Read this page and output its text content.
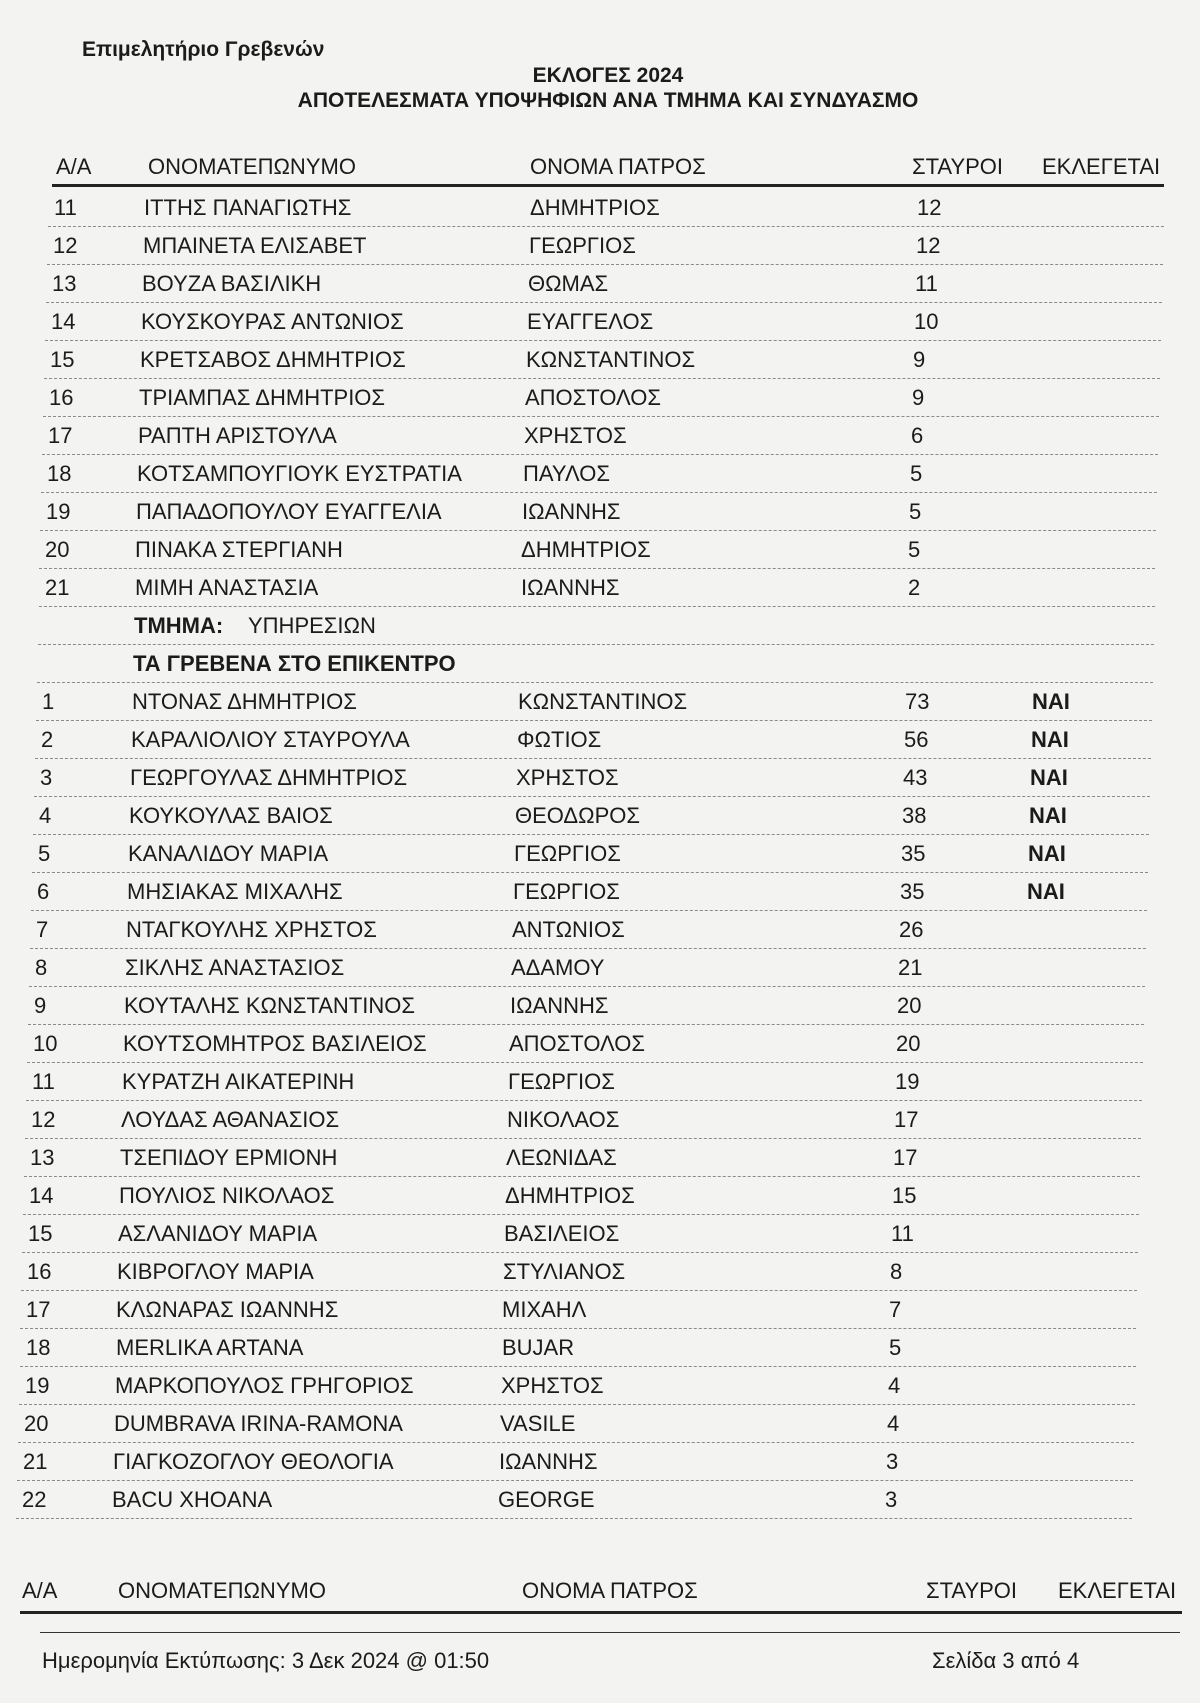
Επιμελητήριο Γρεβενών
ΕΚΛΟΓΕΣ 2024
ΑΠΟΤΕΛΕΣΜΑΤΑ ΥΠΟΨΗΦΙΩΝ ΑΝΑ ΤΜΗΜΑ ΚΑΙ ΣΥΝΔΥΑΣΜΟ
Α/Α	ΟΝΟΜΑΤΕΠΩΝΥΜΟ	ΟΝΟΜΑ ΠΑΤΡΟΣ	ΣΤΑΥΡΟΙ ΕΚΛΕΓΕΤΑΙ
11	ΙΤΤΗΣ ΠΑΝΑΓΙΩΤΗΣ	ΔΗΜΗΤΡΙΟΣ	12
12	ΜΠΑΙΝΕΤΑ ΕΛΙΣΑΒΕΤ	ΓΕΩΡΓΙΟΣ	12
13	ΒΟΥΖΑ ΒΑΣΙΛΙΚΗ	ΘΩΜΑΣ	11
14	ΚΟΥΣΚΟΥΡΑΣ ΑΝΤΩΝΙΟΣ	ΕΥΑΓΓΕΛΟΣ	10
15	ΚΡΕΤΣΑΒΟΣ ΔΗΜΗΤΡΙΟΣ	ΚΩΝΣΤΑΝΤΙΝΟΣ	9
16	ΤΡΙΑΜΠΑΣ ΔΗΜΗΤΡΙΟΣ	ΑΠΟΣΤΟΛΟΣ	9
17	ΡΑΠΤΗ ΑΡΙΣΤΟΥΛΑ	ΧΡΗΣΤΟΣ	6
18	ΚΟΤΣΑΜΠΟΥΓΙΟΥΚ ΕΥΣΤΡΑΤΙΑ	ΠΑΥΛΟΣ	5
19	ΠΑΠΑΔΟΠΟΥΛΟΥ ΕΥΑΓΓΕΛΙΑ	ΙΩΑΝΝΗΣ	5
20	ΠΙΝΑΚΑ ΣΤΕΡΓΙΑΝΗ	ΔΗΜΗΤΡΙΟΣ	5
21	ΜΙΜΗ ΑΝΑΣΤΑΣΙΑ	ΙΩΑΝΝΗΣ	2
ΤΜΗΜΑ: ΥΠΗΡΕΣΙΩΝ
ΤΑ ΓΡΕΒΕΝΑ ΣΤΟ ΕΠΙΚΕΝΤΡΟ
1	ΝΤΟΝΑΣ ΔΗΜΗΤΡΙΟΣ	ΚΩΝΣΤΑΝΤΙΝΟΣ	73	ΝΑΙ
2	ΚΑΡΑΛΙΟΛΙΟΥ ΣΤΑΥΡΟΥΛΑ	ΦΩΤΙΟΣ	56	ΝΑΙ
3	ΓΕΩΡΓΟΥΛΑΣ ΔΗΜΗΤΡΙΟΣ	ΧΡΗΣΤΟΣ	43	ΝΑΙ
4	ΚΟΥΚΟΥΛΑΣ ΒΑΙΟΣ	ΘΕΟΔΩΡΟΣ	38	ΝΑΙ
5	ΚΑΝΑΛΙΔΟΥ ΜΑΡΙΑ	ΓΕΩΡΓΙΟΣ	35	ΝΑΙ
6	ΜΗΣΙΑΚΑΣ ΜΙΧΑΛΗΣ	ΓΕΩΡΓΙΟΣ	35	ΝΑΙ
7	ΝΤΑΓΚΟΥΛΗΣ ΧΡΗΣΤΟΣ	ΑΝΤΩΝΙΟΣ	26
8	ΣΙΚΛΗΣ ΑΝΑΣΤΑΣΙΟΣ	ΑΔΑΜΟΥ	21
9	ΚΟΥΤΑΛΗΣ ΚΩΝΣΤΑΝΤΙΝΟΣ	ΙΩΑΝΝΗΣ	20
10	ΚΟΥΤΣΟΜΗΤΡΟΣ ΒΑΣΙΛΕΙΟΣ	ΑΠΟΣΤΟΛΟΣ	20
11	ΚΥΡΑΤΖΗ ΑΙΚΑΤΕΡΙΝΗ	ΓΕΩΡΓΙΟΣ	19
12	ΛΟΥΔΑΣ ΑΘΑΝΑΣΙΟΣ	ΝΙΚΟΛΑΟΣ	17
13	ΤΣΕΠΙΔΟΥ ΕΡΜΙΟΝΗ	ΛΕΩΝΙΔΑΣ	17
14	ΠΟΥΛΙΟΣ ΝΙΚΟΛΑΟΣ	ΔΗΜΗΤΡΙΟΣ	15
15	ΑΣΛΑΝΙΔΟΥ ΜΑΡΙΑ	ΒΑΣΙΛΕΙΟΣ	11
16	ΚΙΒΡΟΓΛΟΥ ΜΑΡΙΑ	ΣΤΥΛΙΑΝΟΣ	8
17	ΚΛΩΝΑΡΑΣ ΙΩΑΝΝΗΣ	ΜΙΧΑΗΛ	7
18	MERLIKA ARTANA	BUJAR	5
19	ΜΑΡΚΟΠΟΥΛΟΣ ΓΡΗΓΟΡΙΟΣ	ΧΡΗΣΤΟΣ	4
20	DUMBRAVA IRINA-RAMONA	VASILE	4
21	ΓΙΑΓΚΟΖΟΓΛΟΥ ΘΕΟΛΟΓΙΑ	ΙΩΑΝΝΗΣ	3
22	BACU XHOANA	GEORGE	3
Α/Α	ΟΝΟΜΑΤΕΠΩΝΥΜΟ	ΟΝΟΜΑ ΠΑΤΡΟΣ	ΣΤΑΥΡΟΙ ΕΚΛΕΓΕΤΑΙ
Ημερομηνία Εκτύπωσης: 3 Δεκ 2024 @ 01:50	Σελίδα 3 από 4
